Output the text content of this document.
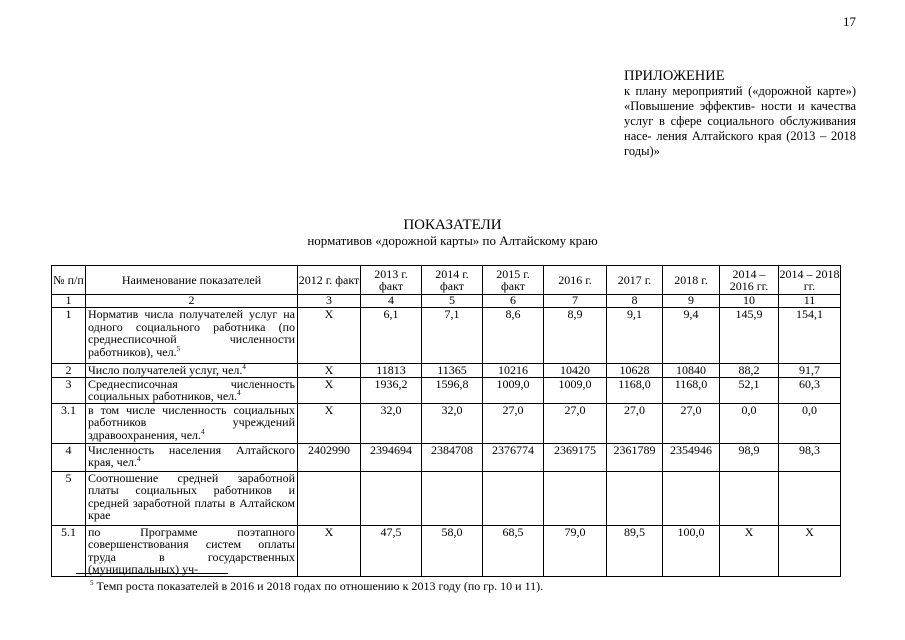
17
ПРИЛОЖЕНИЕ
к плану мероприятий («дорожной карте») «Повышение эффектив- ности и качества услуг в сфере социального обслуживания насе- ления Алтайского края (2013 – 2018 годы)»
ПОКАЗАТЕЛИ
нормативов «дорожной карты» по Алтайскому краю
№ п/п	Наименование показателей	2012 г. факт	2013 г. факт	2014 г. факт	2015 г. факт	2016 г.	2017 г.	2018 г.	2014 – 2016 гг.	2014 – 2018 гг.
1	2	3	4	5	6	7	8	9	10	11
1	Норматив числа получателей услуг на одного социального работника (по среднесписочной численности работников), чел.$^5$	Х	6,1	7,1	8,6	8,9	9,1	9,4	145,9	154,1
2	Число получателей услуг, чел.$^4$	Х	11813	11365	10216	10420	10628	10840	88,2	91,7
3	Среднесписочная численность социальных работников, чел.$^4$	Х	1936,2	1596,8	1009,0	1009,0	1168,0	1168,0	52,1	60,3
3.1	в том числе численность социальных работников учреждений здравоохранения, чел.$^4$	Х	32,0	32,0	27,0	27,0	27,0	27,0	0,0	0,0
4	Численность населения Алтайского края, чел.$^4$	2402990	2394694	2384708	2376774	2369175	2361789	2354946	98,9	98,3
5	Соотношение средней заработной платы социальных работников и средней заработной платы в Алтайском крае									
5.1	по Программе поэтапного совершенствования систем оплаты труда в государственных (муниципальных) уч-	Х	47,5	58,0	68,5	79,0	89,5	100,0	Х	Х
$^5$ Темп роста показателей в 2016 и 2018 годах по отношению к 2013 году (по гр. 10 и 11).
